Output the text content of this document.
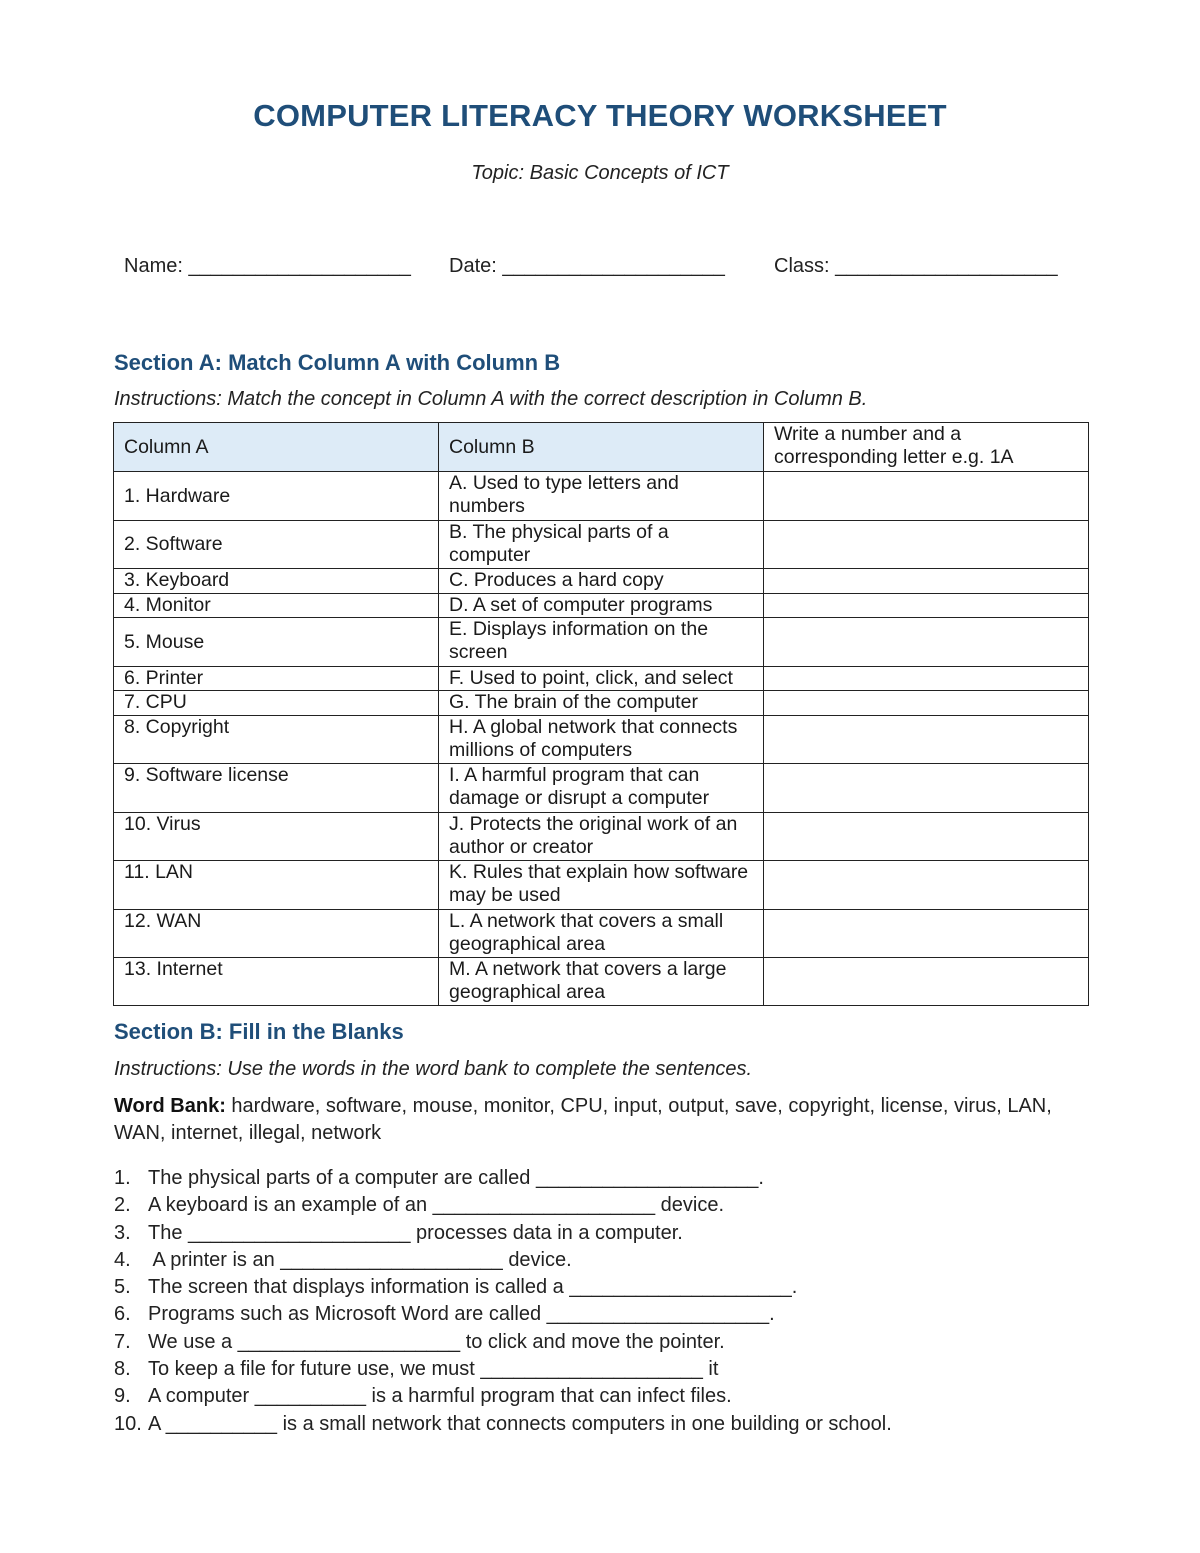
COMPUTER LITERACY THEORY WORKSHEET
Topic: Basic Concepts of ICT
Name: ____________________ Date: ____________________ Class: ____________________
Section A: Match Column A with Column B
Instructions: Match the concept in Column A with the correct description in Column B.
Column A	Column B	Write a number and a corresponding letter e.g. 1A
1. Hardware	A. Used to type letters and numbers	
2. Software	B. The physical parts of a computer	
3. Keyboard	C. Produces a hard copy	
4. Monitor	D. A set of computer programs	
5. Mouse	E. Displays information on the screen	
6. Printer	F. Used to point, click, and select	
7. CPU	G. The brain of the computer	
8. Copyright	H. A global network that connects millions of computers	
9. Software license	I. A harmful program that can damage or disrupt a computer	
10. Virus	J. Protects the original work of an author or creator	
11. LAN	K. Rules that explain how software may be used	
12. WAN	L. A network that covers a small geographical area	
13. Internet	M. A network that covers a large geographical area	
Section B: Fill in the Blanks
Instructions: Use the words in the word bank to complete the sentences.
Word Bank: hardware, software, mouse, monitor, CPU, input, output, save, copyright, license, virus, LAN, WAN, internet, illegal, network
1. The physical parts of a computer are called ____________________.
2. A keyboard is an example of an ____________________ device.
3. The ____________________ processes data in a computer.
4. A printer is an ____________________ device.
5. The screen that displays information is called a ____________________.
6. Programs such as Microsoft Word are called ____________________.
7. We use a ____________________ to click and move the pointer.
8. To keep a file for future use, we must ____________________ it
9. A computer __________ is a harmful program that can infect files.
10. A __________ is a small network that connects computers in one building or school.
